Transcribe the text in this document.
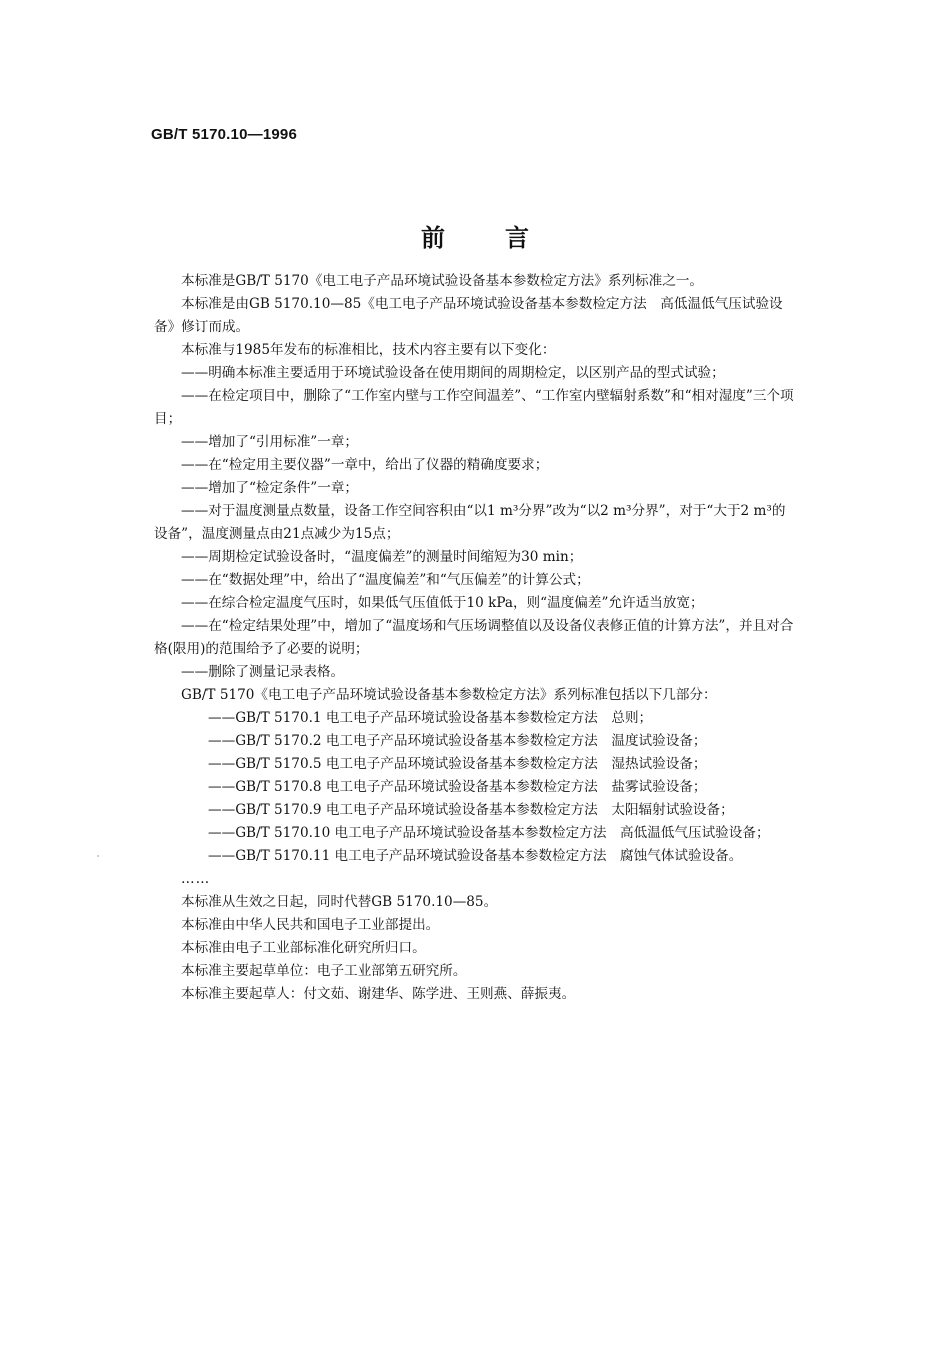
GB/T 5170.10—1996
前	言

本标准是GB/T 5170《电工电子产品环境试验设备基本参数检定方法》系列标准之一。

本标准是由GB 5170.10—85《电工电子产品环境试验设备基本参数检定方法　高低温低气压试验设备》修订而成。

本标准与1985年发布的标准相比，技术内容主要有以下变化：

——明确本标准主要适用于环境试验设备在使用期间的周期检定，以区别产品的型式试验；

——在检定项目中，删除了“工作室内壁与工作空间温差”、“工作室内壁辐射系数”和“相对湿度”三个项目；

——增加了“引用标准”一章；

——在“检定用主要仪器”一章中，给出了仪器的精确度要求；

——增加了“检定条件”一章；

——对于温度测量点数量，设备工作空间容积由“以1 m³分界”改为“以2 m³分界”，对于“大于2 m³的设备”，温度测量点由21点减少为15点；

——周期检定试验设备时，“温度偏差”的测量时间缩短为30 min；

——在“数据处理”中，给出了“温度偏差”和“气压偏差”的计算公式；

——在综合检定温度气压时，如果低气压值低于10 kPa，则“温度偏差”允许适当放宽；

——在“检定结果处理”中，增加了“温度场和气压场调整值以及设备仪表修正值的计算方法”，并且对合格(限用)的范围给予了必要的说明；

——删除了测量记录表格。

GB/T 5170《电工电子产品环境试验设备基本参数检定方法》系列标准包括以下几部分：

——GB/T 5170.1 电工电子产品环境试验设备基本参数检定方法　 总则；

——GB/T 5170.2 电工电子产品环境试验设备基本参数检定方法　 温度试验设备；

——GB/T 5170.5 电工电子产品环境试验设备基本参数检定方法　 湿热试验设备；

——GB/T 5170.8 电工电子产品环境试验设备基本参数检定方法　 盐雾试验设备；

——GB/T 5170.9 电工电子产品环境试验设备基本参数检定方法　 太阳辐射试验设备；

——GB/T 5170.10 电工电子产品环境试验设备基本参数检定方法　 高低温低气压试验设备；

——GB/T 5170.11 电工电子产品环境试验设备基本参数检定方法　 腐蚀气体试验设备。

……

本标准从生效之日起，同时代替GB 5170.10—85。

本标准由中华人民共和国电子工业部提出。

本标准由电子工业部标准化研究所归口。

本标准主要起草单位：电子工业部第五研究所。

本标准主要起草人：付文茹、谢建华、陈学进、王则燕、薛振夷。
